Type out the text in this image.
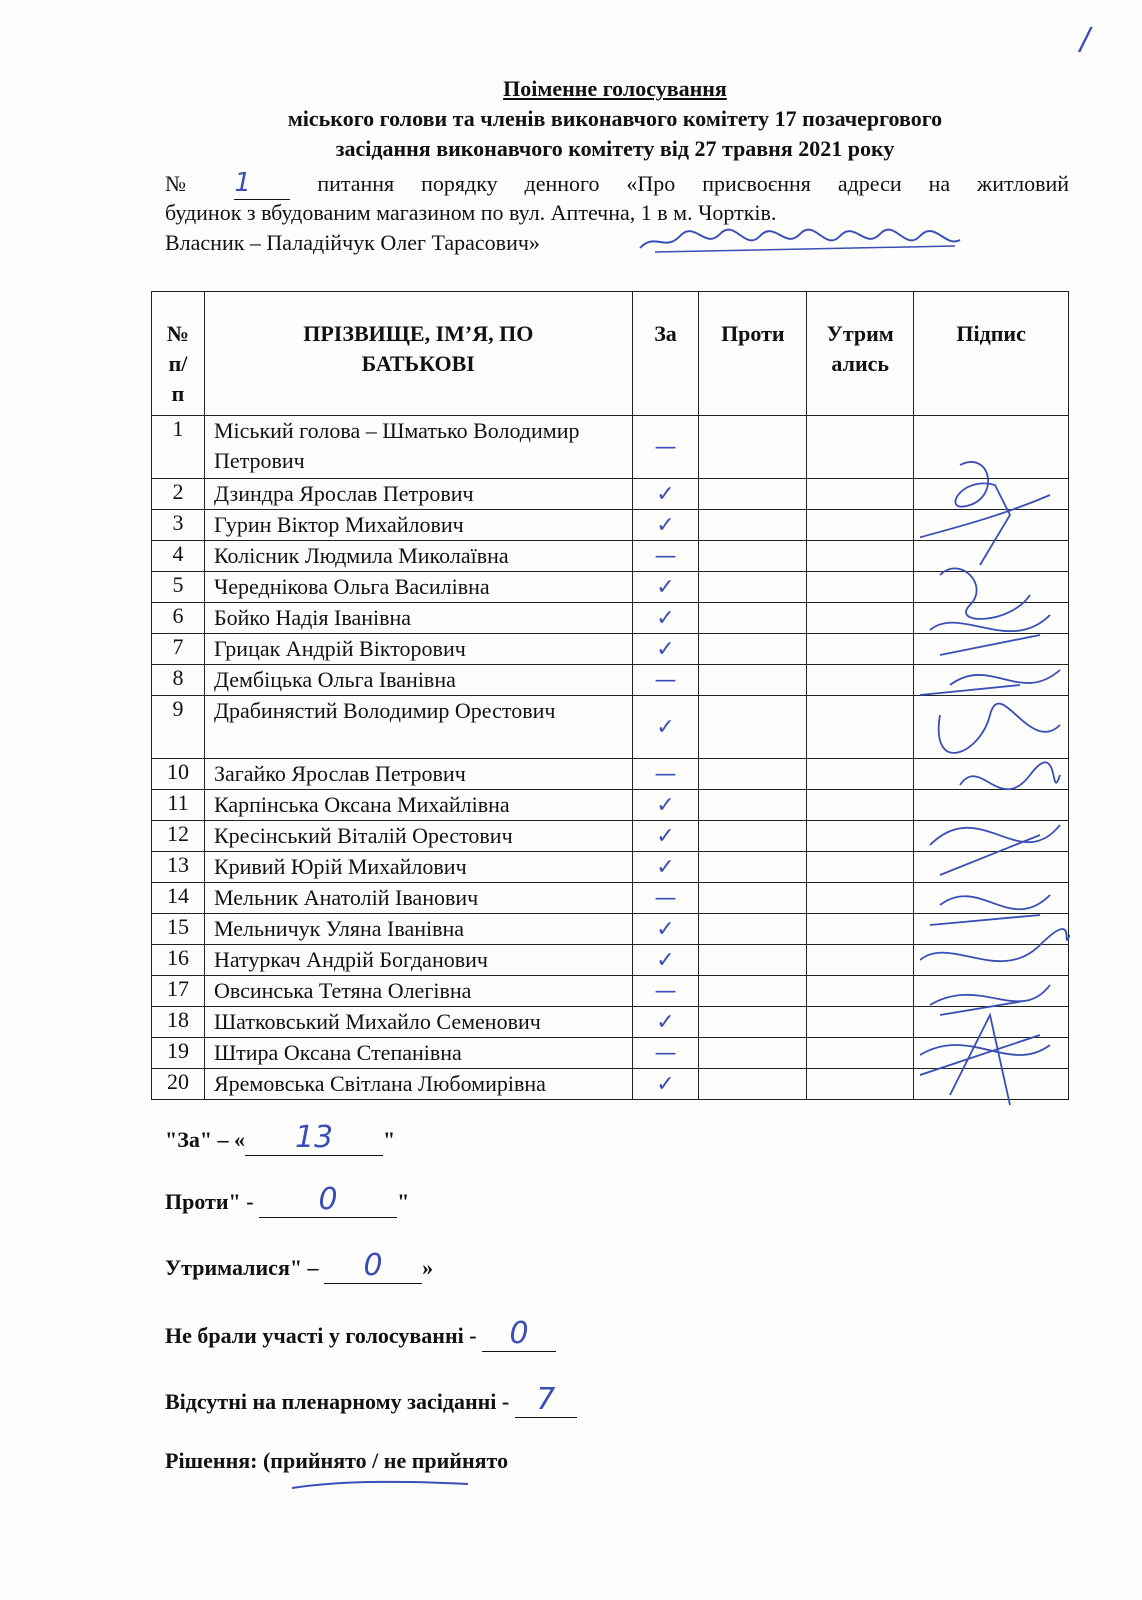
/
Поіменне голосування
міського голови та членів виконавчого комітету 17 позачергового
засідання виконавчого комітету від 27 травня 2021 року
№ 1	питання порядку денного «Про присвоєння адреси на житловий
будинок з вбудованим магазином по вул. Аптечна, 1 в м. Чортків.
Власник – Паладійчук Олег Тарасович»
№ п/п	ПРІЗВИЩЕ, ІМ’Я, ПО БАТЬКОВІ	За	Проти	Утрим ались	Підпис
1	Міський голова – Шматько Володимир Петрович	—			
2	Дзиндра Ярослав Петрович	✓			
3	Гурин Віктор Михайлович	✓			
4	Колісник Людмила Миколаївна	—			
5	Череднікова Ольга Василівна	✓			
6	Бойко Надія Іванівна	✓			
7	Грицак Андрій Вікторович	✓			
8	Дембіцька Ольга Іванівна	—			
9	Драбинястий Володимир Орестович	✓			
10	Загайко Ярослав Петрович	—			
11	Карпінська Оксана Михайлівна	✓			
12	Кресінський Віталій Орестович	✓			
13	Кривий Юрій Михайлович	✓			
14	Мельник Анатолій Іванович	—			
15	Мельничук Уляна Іванівна	✓			
16	Натуркач Андрій Богданович	✓			
17	Овсинська Тетяна Олегівна	—			
18	Шатковський Михайло Семенович	✓			
19	Штира Оксана Степанівна	—			
20	Яремовська Світлана Любомирівна	✓			
"За" – « 13 "
Проти" - 0	"
Утрималися" – 0 »
Не брали участі у голосуванні - 0
Відсутні на пленарному засіданні - 7
Рішення: (прийнято / не прийнято
